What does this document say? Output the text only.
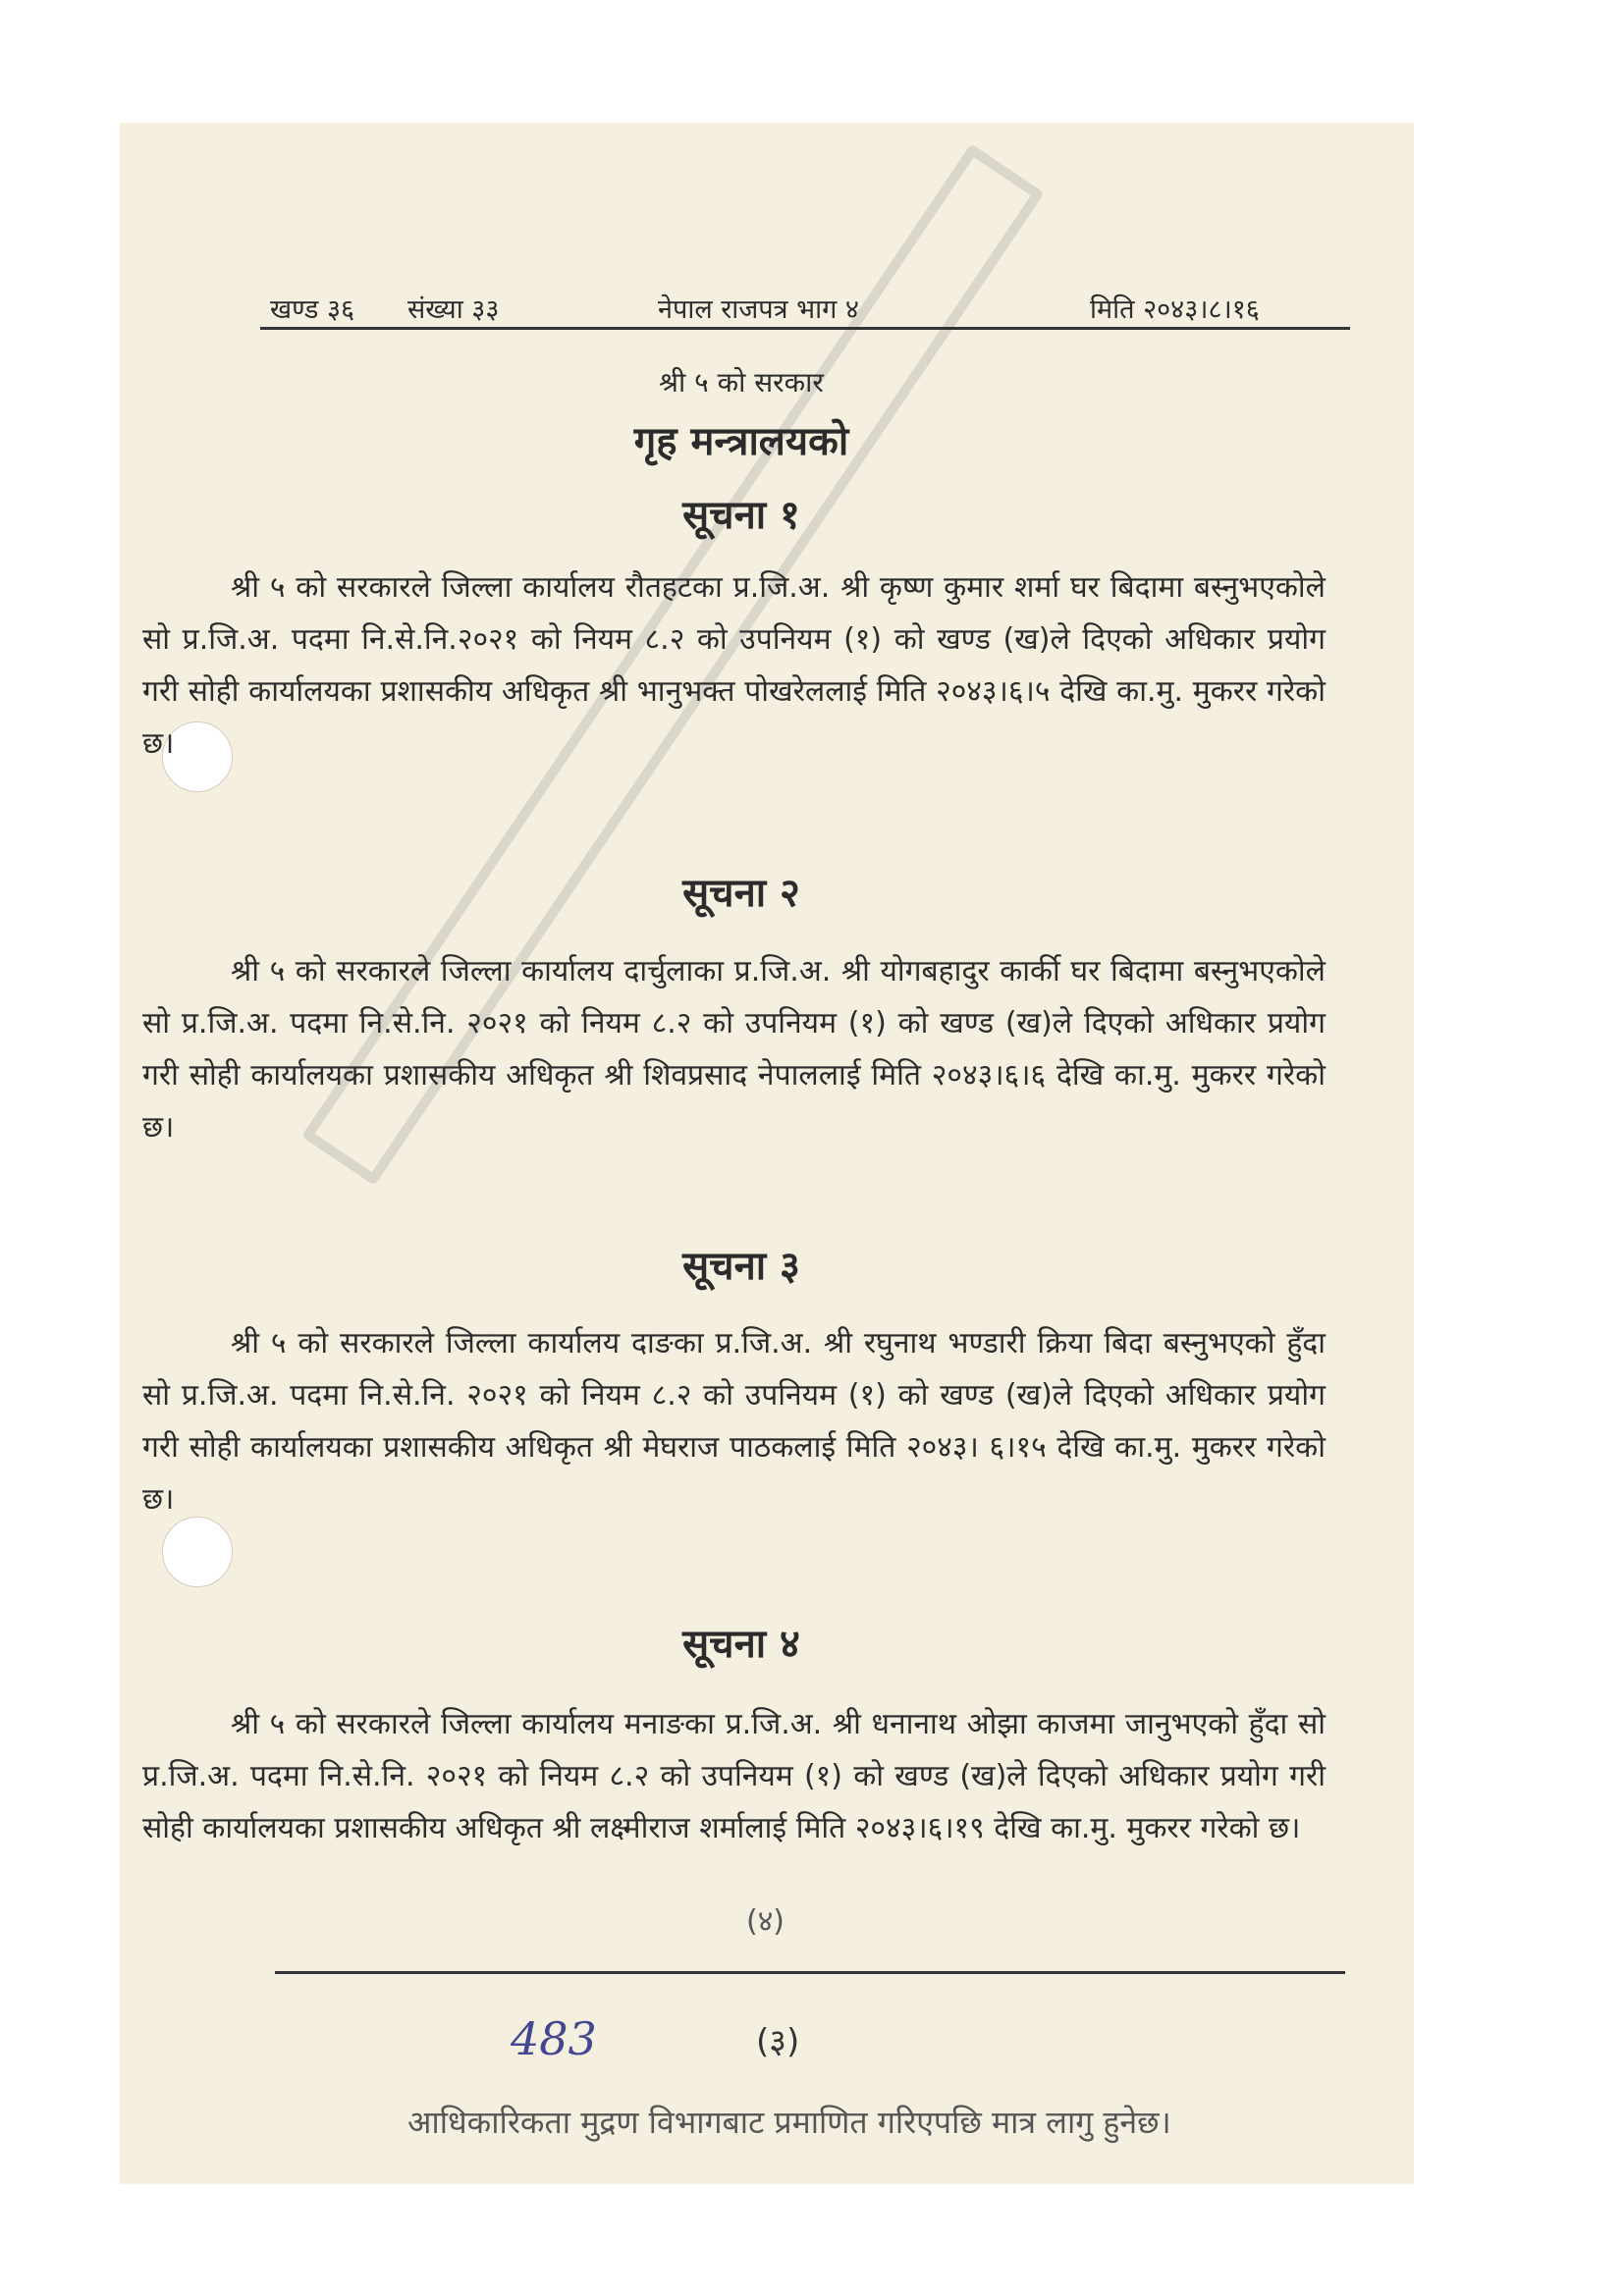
खण्ड ३६ संख्या ३३	नेपाल राजपत्र भाग ४	मिति २०४३।८।१६
श्री ५ को सरकार
गृह मन्त्रालयको
सूचना १
श्री ५ को सरकारले जिल्ला कार्यालय रौतहटका प्र.जि.अ. श्री कृष्ण कुमार शर्मा घर बिदामा बस्नुभएकोले सो प्र.जि.अ. पदमा नि.से.नि.२०२१ को नियम ८.२ को उपनियम (१) को खण्ड (ख)ले दिएको अधिकार प्रयोग गरी सोही कार्यालयका प्रशासकीय अधिकृत श्री भानुभक्त पोखरेललाई मिति २०४३।६।५ देखि का.मु. मुकरर गरेको छ।
सूचना २
श्री ५ को सरकारले जिल्ला कार्यालय दार्चुलाका प्र.जि.अ. श्री योगबहादुर कार्की घर बिदामा बस्नुभएकोले सो प्र.जि.अ. पदमा नि.से.नि. २०२१ को नियम ८.२ को उपनियम (१) को खण्ड (ख)ले दिएको अधिकार प्रयोग गरी सोही कार्यालयका प्रशासकीय अधिकृत श्री शिवप्रसाद नेपाललाई मिति २०४३।६।६ देखि का.मु. मुकरर गरेको छ।
सूचना ३
श्री ५ को सरकारले जिल्ला कार्यालय दाङका प्र.जि.अ. श्री रघुनाथ भण्डारी क्रिया बिदा बस्नुभएको हुँदा सो प्र.जि.अ. पदमा नि.से.नि. २०२१ को नियम ८.२ को उपनियम (१) को खण्ड (ख)ले दिएको अधिकार प्रयोग गरी सोही कार्यालयका प्रशासकीय अधिकृत श्री मेघराज पाठकलाई मिति २०४३। ६।१५ देखि का.मु. मुकरर गरेको छ।
सूचना ४
श्री ५ को सरकारले जिल्ला कार्यालय मनाङका प्र.जि.अ. श्री धनानाथ ओझा काजमा जानुभएको हुँदा सो प्र.जि.अ. पदमा नि.से.नि. २०२१ को नियम ८.२ को उपनियम (१) को खण्ड (ख)ले दिएको अधिकार प्रयोग गरी सोही कार्यालयका प्रशासकीय अधिकृत श्री लक्ष्मीराज शर्मालाई मिति २०४३।६।१९ देखि का.मु. मुकरर गरेको छ।
(४)
483	(३)
आधिकारिकता मुद्रण विभागबाट प्रमाणित गरिएपछि मात्र लागु हुनेछ।
